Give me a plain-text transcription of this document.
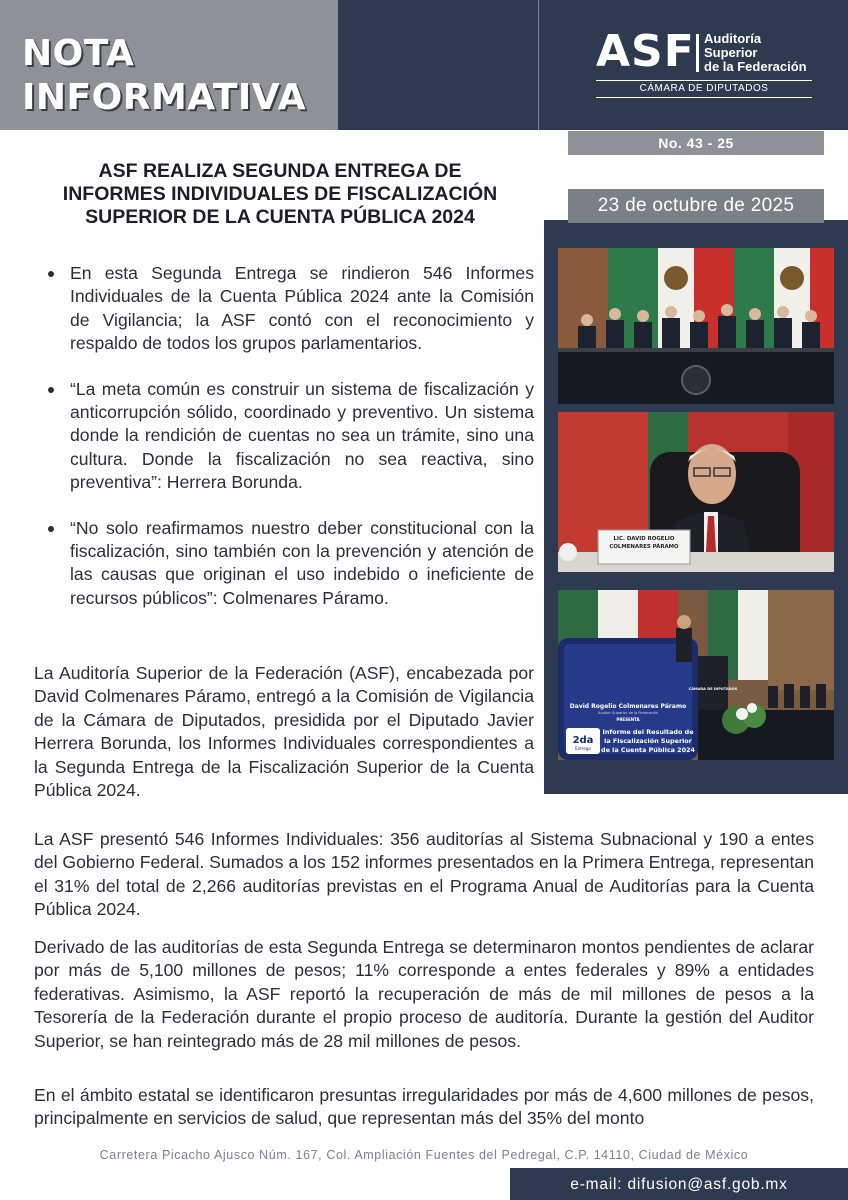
NOTA
INFORMATIVA
ASF Auditoría
Superior
de la Federación
CÁMARA DE DIPUTADOS
No. 43 - 25
23 de octubre de 2025
LIC. DAVID ROGELIO
COLMENARES PÁRAMO
David Rogelio Colmenares Páramo
Auditor Superior de la Federación
PRESENTA
2da
Entrega
Informe del Resultado de
la Fiscalización Superior
de la Cuenta Pública 2024
CÁMARA DE DIPUTADOS
ASF REALIZA SEGUNDA ENTREGA DE
INFORMES INDIVIDUALES DE FISCALIZACIÓN
SUPERIOR DE LA CUENTA PÚBLICA 2024
En esta Segunda Entrega se rindieron 546 Informes Individuales de la Cuenta Pública 2024 ante la Comisión de Vigilancia; la ASF contó con el reconocimiento y respaldo de todos los grupos parlamentarios.
“La meta común es construir un sistema de fiscalización y anticorrupción sólido, coordinado y preventivo. Un sistema donde la rendición de cuentas no sea un trámite, sino una cultura. Donde la fiscalización no sea reactiva, sino preventiva”: Herrera Borunda.
“No solo reafirmamos nuestro deber constitucional con la fiscalización, sino también con la prevención y atención de las causas que originan el uso indebido o ineficiente de recursos públicos”: Colmenares Páramo.

La Auditoría Superior de la Federación (ASF), encabezada por David Colmenares Páramo, entregó a la Comisión de Vigilancia de la Cámara de Diputados, presidida por el Diputado Javier Herrera Borunda, los Informes Individuales correspondientes a la Segunda Entrega de la Fiscalización Superior de la Cuenta Pública 2024.

La ASF presentó 546 Informes Individuales: 356 auditorías al Sistema Subnacional y 190 a entes del Gobierno Federal. Sumados a los 152 informes presentados en la Primera Entrega, representan el 31% del total de 2,266 auditorías previstas en el Programa Anual de Auditorías para la Cuenta Pública 2024.

Derivado de las auditorías de esta Segunda Entrega se determinaron montos pendientes de aclarar por más de 5,100 millones de pesos; 11% corresponde a entes federales y 89% a entidades federativas. Asimismo, la ASF reportó la recuperación de más de mil millones de pesos a la Tesorería de la Federación durante el propio proceso de auditoría. Durante la gestión del Auditor Superior, se han reintegrado más de 28 mil millones de pesos.

En el ámbito estatal se identificaron presuntas irregularidades por más de 4,600 millones de pesos, principalmente en servicios de salud, que representan más del 35% del monto

Carretera Picacho Ajusco Núm. 167, Col. Ampliación Fuentes del Pedregal, C.P. 14110, Ciudad de México
e-mail: difusion@asf.gob.mx
